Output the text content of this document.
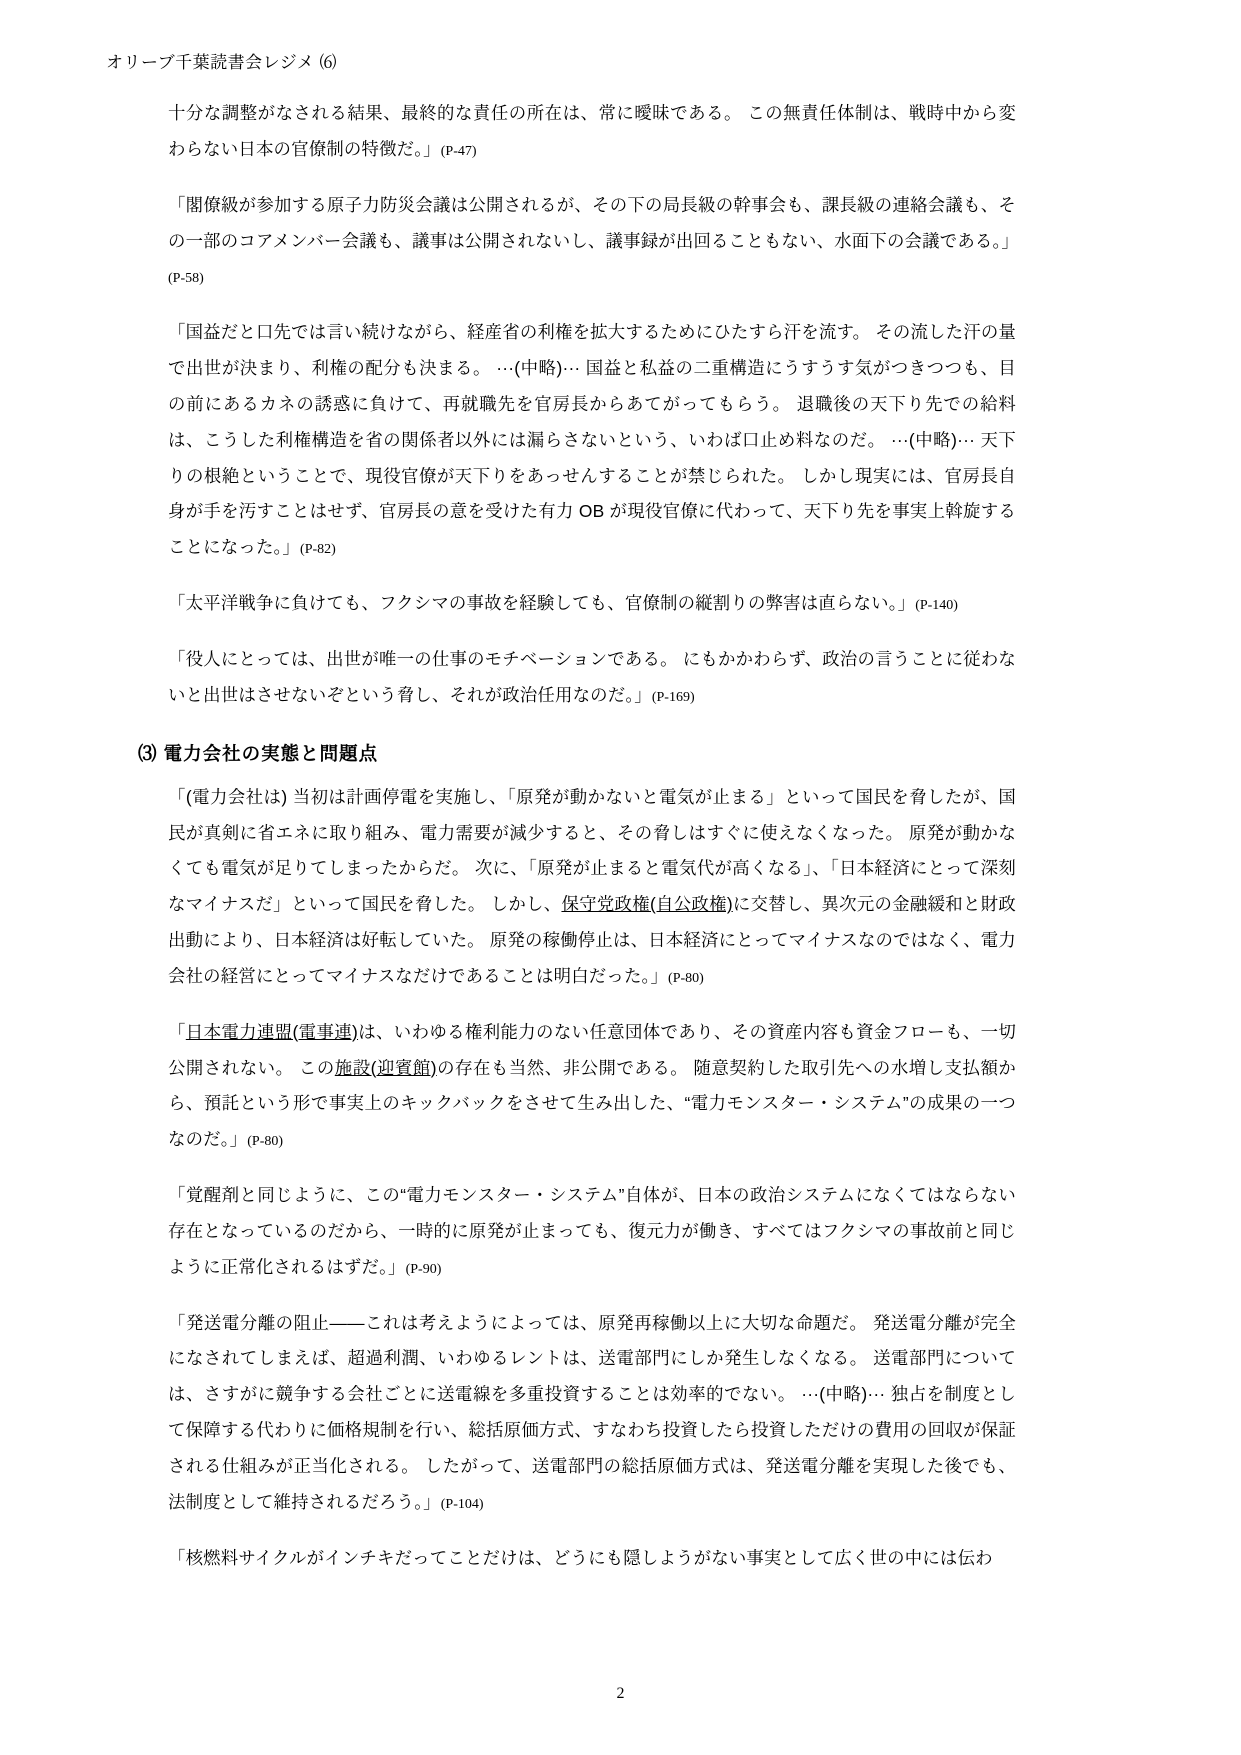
オリーブ千葉読書会レジメ ⑹

十分な調整がなされる結果、最終的な責任の所在は、常に曖昧である。 この無責任体制は、戦時中から変わらない日本の官僚制の特徴だ。」(P-47)

「閣僚級が参加する原子力防災会議は公開されるが、その下の局長級の幹事会も、課長級の連絡会議も、その一部のコアメンバー会議も、議事は公開されないし、議事録が出回ることもない、水面下の会議である。」(P-58)

「国益だと口先では言い続けながら、経産省の利権を拡大するためにひたすら汗を流す。 その流した汗の量で出世が決まり、利権の配分も決まる。 ···(中略)··· 国益と私益の二重構造にうすうす気がつきつつも、目の前にあるカネの誘惑に負けて、再就職先を官房長からあてがってもらう。 退職後の天下り先での給料は、こうした利権構造を省の関係者以外には漏らさないという、いわば口止め料なのだ。 ···(中略)··· 天下りの根絶ということで、現役官僚が天下りをあっせんすることが禁じられた。 しかし現実には、官房長自身が手を汚すことはせず、官房長の意を受けた有力 OB が現役官僚に代わって、天下り先を事実上斡旋することになった。」(P-82)

「太平洋戦争に負けても、フクシマの事故を経験しても、官僚制の縦割りの弊害は直らない。」(P-140)

「役人にとっては、出世が唯一の仕事のモチベーションである。 にもかかわらず、政治の言うことに従わないと出世はさせないぞという脅し、それが政治任用なのだ。」(P-169)

⑶ 電力会社の実態と問題点

「(電力会社は) 当初は計画停電を実施し、「原発が動かないと電気が止まる」といって国民を脅したが、国民が真剣に省エネに取り組み、電力需要が減少すると、その脅しはすぐに使えなくなった。 原発が動かなくても電気が足りてしまったからだ。 次に、「原発が止まると電気代が高くなる」、「日本経済にとって深刻なマイナスだ」といって国民を脅した。 しかし、保守党政権(自公政権)に交替し、異次元の金融緩和と財政出動により、日本経済は好転していた。 原発の稼働停止は、日本経済にとってマイナスなのではなく、電力会社の経営にとってマイナスなだけであることは明白だった。」(P-80)

「日本電力連盟(電事連)は、いわゆる権利能力のない任意団体であり、その資産内容も資金フローも、一切公開されない。 この施設(迎賓館)の存在も当然、非公開である。 随意契約した取引先への水増し支払額から、預託という形で事実上のキックバックをさせて生み出した、“電力モンスター・システム”の成果の一つなのだ。」(P-80)

「覚醒剤と同じように、この“電力モンスター・システム”自体が、日本の政治システムになくてはならない存在となっているのだから、一時的に原発が止まっても、復元力が働き、すべてはフクシマの事故前と同じように正常化されるはずだ。」(P-90)

「発送電分離の阻止——これは考えようによっては、原発再稼働以上に大切な命題だ。 発送電分離が完全になされてしまえば、超過利潤、いわゆるレントは、送電部門にしか発生しなくなる。 送電部門については、さすがに競争する会社ごとに送電線を多重投資することは効率的でない。 ···(中略)··· 独占を制度として保障する代わりに価格規制を行い、総括原価方式、すなわち投資したら投資しただけの費用の回収が保証される仕組みが正当化される。 したがって、送電部門の総括原価方式は、発送電分離を実現した後でも、法制度として維持されるだろう。」(P-104)

「核燃料サイクルがインチキだってことだけは、どうにも隠しようがない事実として広く世の中には伝わ

2
